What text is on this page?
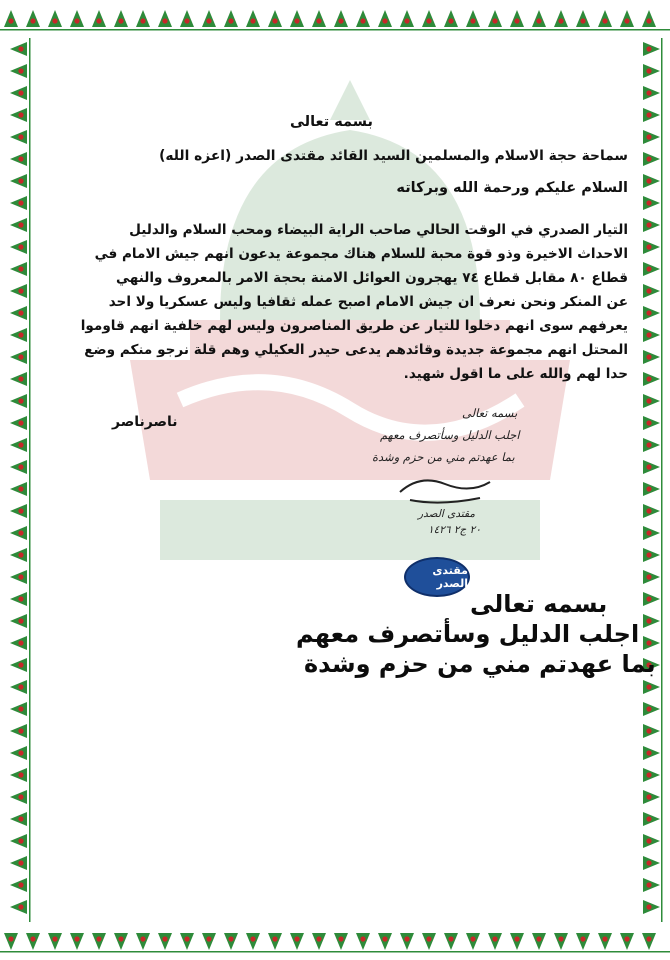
بسمه تعالى
سماحة حجة الاسلام والمسلمين السيد القائد مقتدى الصدر (اعزه الله)
السلام عليكم ورحمة الله وبركاته
التيار الصدري في الوقت الحالي صاحب الراية البيضاء ومحب السلام والدليل
الاحداث الاخيرة وذو قوة محبة للسلام هناك مجموعة يدعون انهم جيش الامام في
قطاع ٨٠ مقابل قطاع ٧٤ يهجرون العوائل الامنة بحجة الامر بالمعروف والنهي
عن المنكر ونحن نعرف ان جيش الامام اصبح عمله ثقافيا وليس عسكريا ولا احد
يعرفهم سوى انهم دخلوا للتيار عن طريق المناصرون وليس لهم خلفية انهم قاوموا
المحتل انهم مجموعة جديدة وقائدهم يدعى حيدر العكيلي وهم قلة نرجو منكم وضع
حدا لهم والله على ما اقول شهيد.
ناصرناصر
بسمه تعالى
اجلب الدليل وسأتصرف معهم
بما عهدتم مني من حزم وشدة
مقتدى الصدر
٢٠ ج٢ ١٤٢٦
مقتدى الصدر
بسمه تعالى
اجلب الدليل وسأتصرف معهم
بما عهدتم مني من حزم وشدة
